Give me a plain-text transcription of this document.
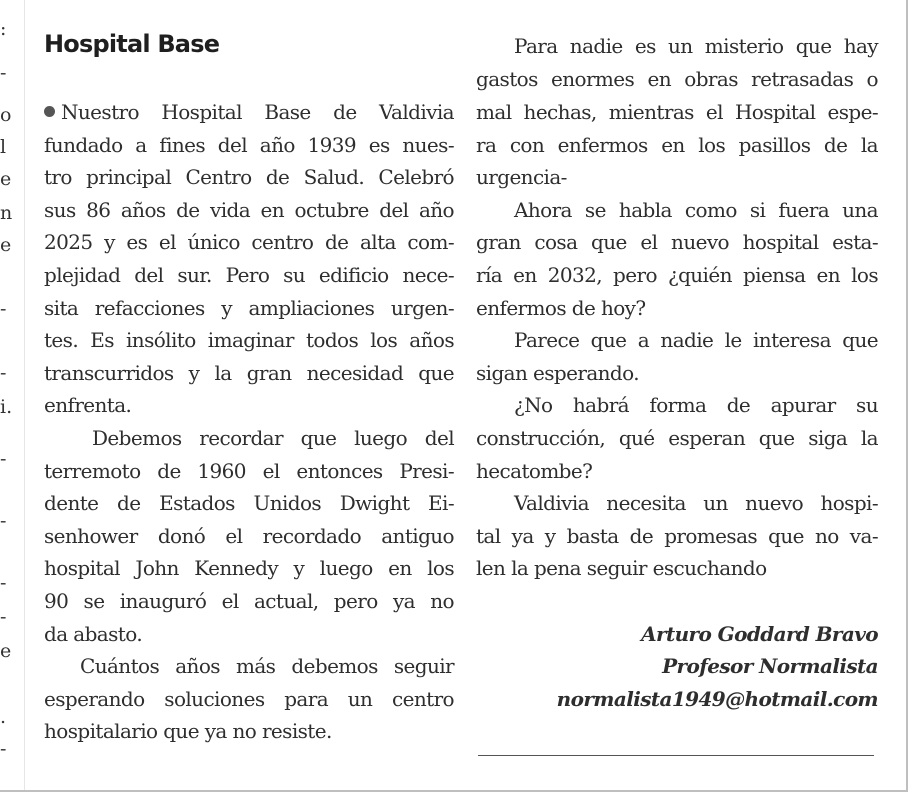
:
-
o
l
e
n
e
-
-
i.
-
-
-
-
e
.
-
Hospital Base
Nuestro Hospital Base de Valdivia
fundado a fines del año 1939 es nues-
tro principal Centro de Salud. Celebró
sus 86 años de vida en octubre del año
2025 y es el único centro de alta com-
plejidad del sur. Pero su edificio nece-
sita refacciones y ampliaciones urgen-
tes. Es insólito imaginar todos los años
transcurridos y la gran necesidad que
enfrenta.
Debemos recordar que luego del
terremoto de 1960 el entonces Presi-
dente de Estados Unidos Dwight Ei-
senhower donó el recordado antiguo
hospital John Kennedy y luego en los
90 se inauguró el actual, pero ya no
da abasto.
Cuántos años más debemos seguir
esperando soluciones para un centro
hospitalario que ya no resiste.
Para nadie es un misterio que hay
gastos enormes en obras retrasadas o
mal hechas, mientras el Hospital espe-
ra con enfermos en los pasillos de la
urgencia-
Ahora se habla como si fuera una
gran cosa que el nuevo hospital esta-
ría en 2032, pero ¿quién piensa en los
enfermos de hoy?
Parece que a nadie le interesa que
sigan esperando.
¿No habrá forma de apurar su
construcción, qué esperan que siga la
hecatombe?
Valdivia necesita un nuevo hospi-
tal ya y basta de promesas que no va-
len la pena seguir escuchando
Arturo Goddard Bravo
Profesor Normalista
normalista1949@hotmail.com
